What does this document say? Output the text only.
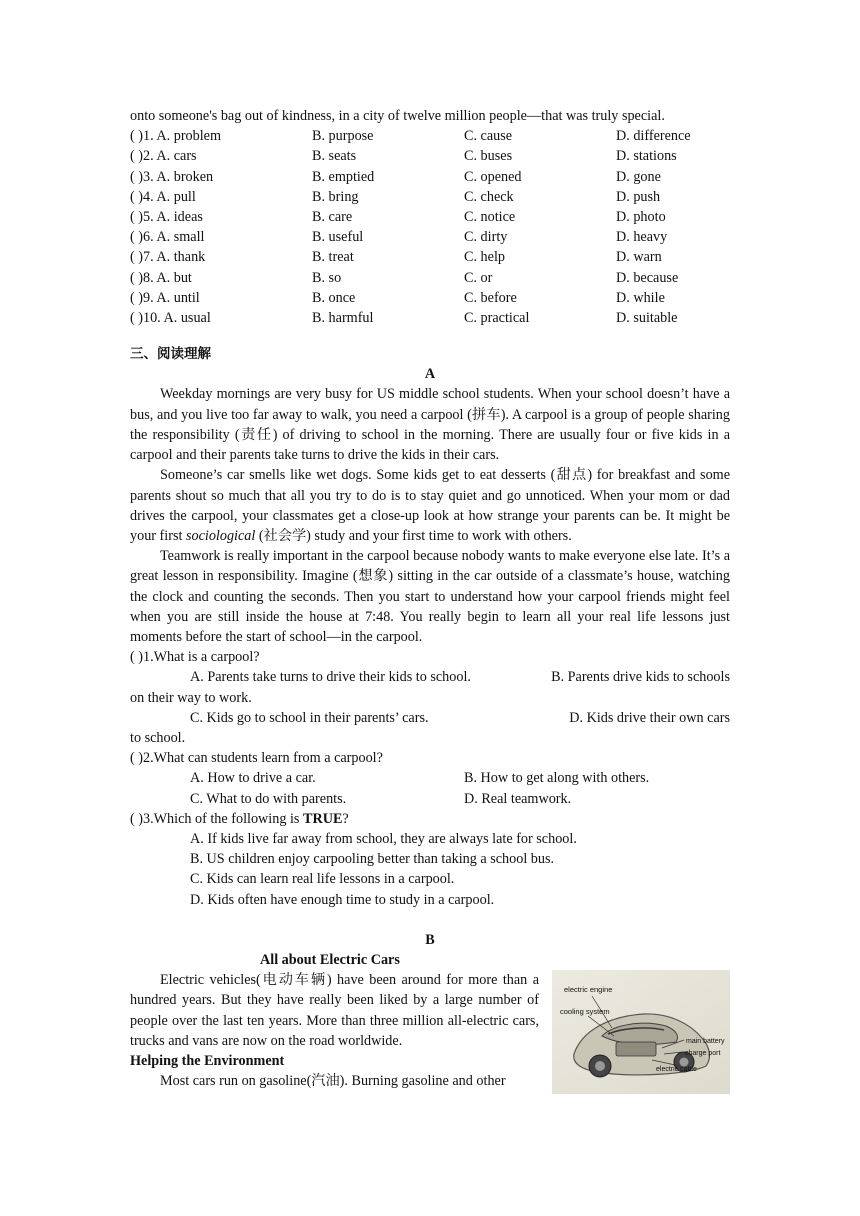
onto someone's bag out of kindness, in a city of twelve million people—that was truly special.

( )1. A. problem	B. purpose	C. cause	D. difference
( )2. A. cars	B. seats	C. buses	D. stations
( )3. A. broken	B. emptied	C. opened	D. gone
( )4. A. pull	B. bring	C. check	D. push
( )5. A. ideas	B. care	C. notice	D. photo
( )6. A. small	B. useful	C. dirty	D. heavy
( )7. A. thank	B. treat	C. help	D. warn
( )8. A. but	B. so	C. or	D. because
( )9. A. until	B. once	C. before	D. while
( )10. A. usual	B. harmful	C. practical	D. suitable

三、阅读理解

A

Weekday mornings are very busy for US middle school students. When your school doesn’t have a bus, and you live too far away to walk, you need a carpool (拼车). A carpool is a group of people sharing the responsibility (责任) of driving to school in the morning. There are usually four or five kids in a carpool and their parents take turns to drive the kids in their cars.

Someone’s car smells like wet dogs. Some kids get to eat desserts (甜点) for breakfast and some parents shout so much that all you try to do is to stay quiet and go unnoticed. When your mom or dad drives the carpool, your classmates get a close-up look at how strange your parents can be. It might be your first sociological (社会学) study and your first time to work with others.

Teamwork is really important in the carpool because nobody wants to make everyone else late. It’s a great lesson in responsibility. Imagine (想象) sitting in the car outside of a classmate’s house, watching the clock and counting the seconds. Then you start to understand how your carpool friends might feel when you are still inside the house at 7:48. You really begin to learn all your real life lessons just moments before the start of school—in the carpool.

( )1.What is a carpool?

A. Parents take turns to drive their kids to school.	B. Parents drive kids to schools

on their way to work.

C. Kids go to school in their parents’ cars.	D. Kids drive their own cars

to school.

( )2.What can students learn from a carpool?

A. How to drive a car.	B. How to get along with others.
C. What to do with parents.	D. Real teamwork.

( )3.Which of the following is TRUE?

A. If kids live far away from school, they are always late for school.

B. US children enjoy carpooling better than taking a school bus.

C. Kids can learn real life lessons in a carpool.

D. Kids often have enough time to study in a carpool.

B

All about Electric Cars

Electric vehicles(电动车辆) have been around for more than a hundred years. But they have really been liked by a large number of people over the last ten years. More than three million all-electric cars, trucks and vans are now on the road worldwide.

Helping the Environment

Most cars run on gasoline(汽油). Burning gasoline and other

electric engine
cooling system
main battery
charge port
electric cable
